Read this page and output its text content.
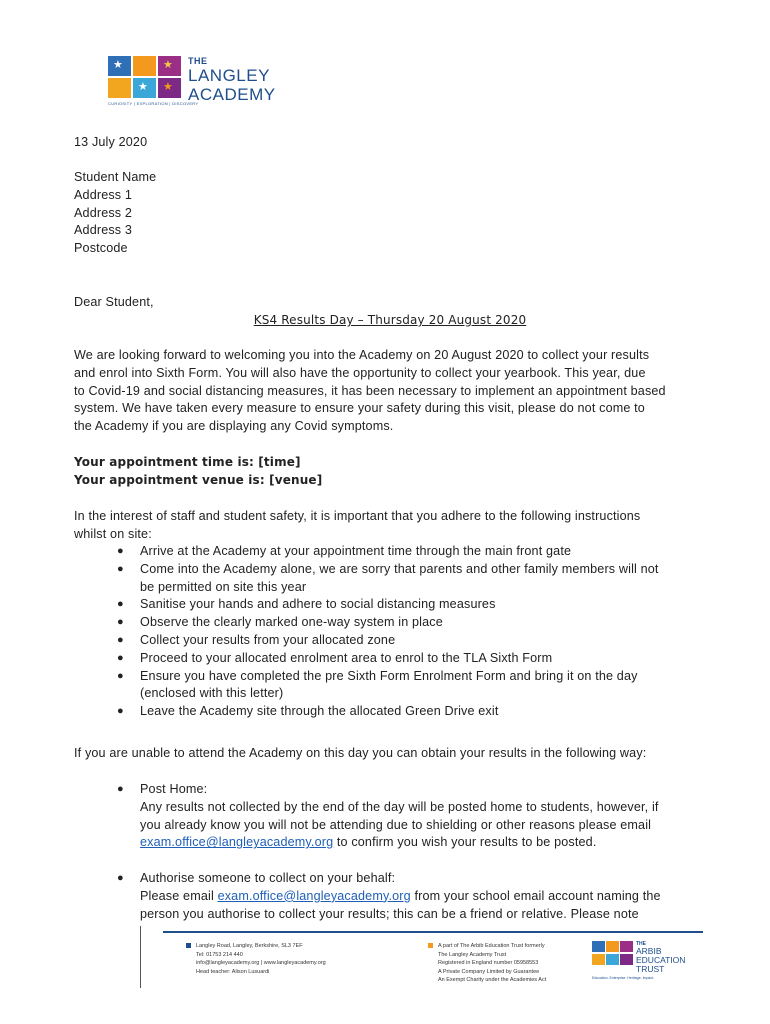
★	★
★ ★
THE
LANGLEY
ACADEMY
CURIOSITY | EXPLORATION | DISCOVERY
13 July 2020
Student Name
Address 1
Address 2
Address 3
Postcode
Dear Student,
KS4 Results Day – Thursday 20 August 2020
We are looking forward to welcoming you into the Academy on 20 August 2020 to collect your results
and enrol into Sixth Form. You will also have the opportunity to collect your yearbook. This year, due
to Covid-19 and social distancing measures, it has been necessary to implement an appointment based
system. We have taken every measure to ensure your safety during this visit, please do not come to
the Academy if you are displaying any Covid symptoms.
Your appointment time is: [time]
Your appointment venue is: [venue]
In the interest of staff and student safety, it is important that you adhere to the following instructions
whilst on site:
● Arrive at the Academy at your appointment time through the main front gate
● Come into the Academy alone, we are sorry that parents and other family members will not
be permitted on site this year
● Sanitise your hands and adhere to social distancing measures
● Observe the clearly marked one-way system in place
● Collect your results from your allocated zone
● Proceed to your allocated enrolment area to enrol to the TLA Sixth Form
● Ensure you have completed the pre Sixth Form Enrolment Form and bring it on the day
(enclosed with this letter)
● Leave the Academy site through the allocated Green Drive exit
If you are unable to attend the Academy on this day you can obtain your results in the following way:
● Post Home:
Any results not collected by the end of the day will be posted home to students, however, if
you already know you will not be attending due to shielding or other reasons please email
exam.office@langleyacademy.org to confirm you wish your results to be posted.
● Authorise someone to collect on your behalf:
Please email exam.office@langleyacademy.org from your school email account naming the
person you authorise to collect your results; this can be a friend or relative. Please note
Langley Road, Langley, Berkshire, SL3 7EF
Tel: 01753 214 440
info@langleyacademy.org | www.langleyacademy.org
Head teacher: Alison Lusuardi
A part of The Arbib Education Trust formerly
The Langley Academy Trust
Registered in England number 05958553
A Private Company Limited by Guarantee
An Exempt Charity under the Academies Act
THE
ARBIB
EDUCATION
TRUST
Education. Enterprise. Heritage. Impact.
